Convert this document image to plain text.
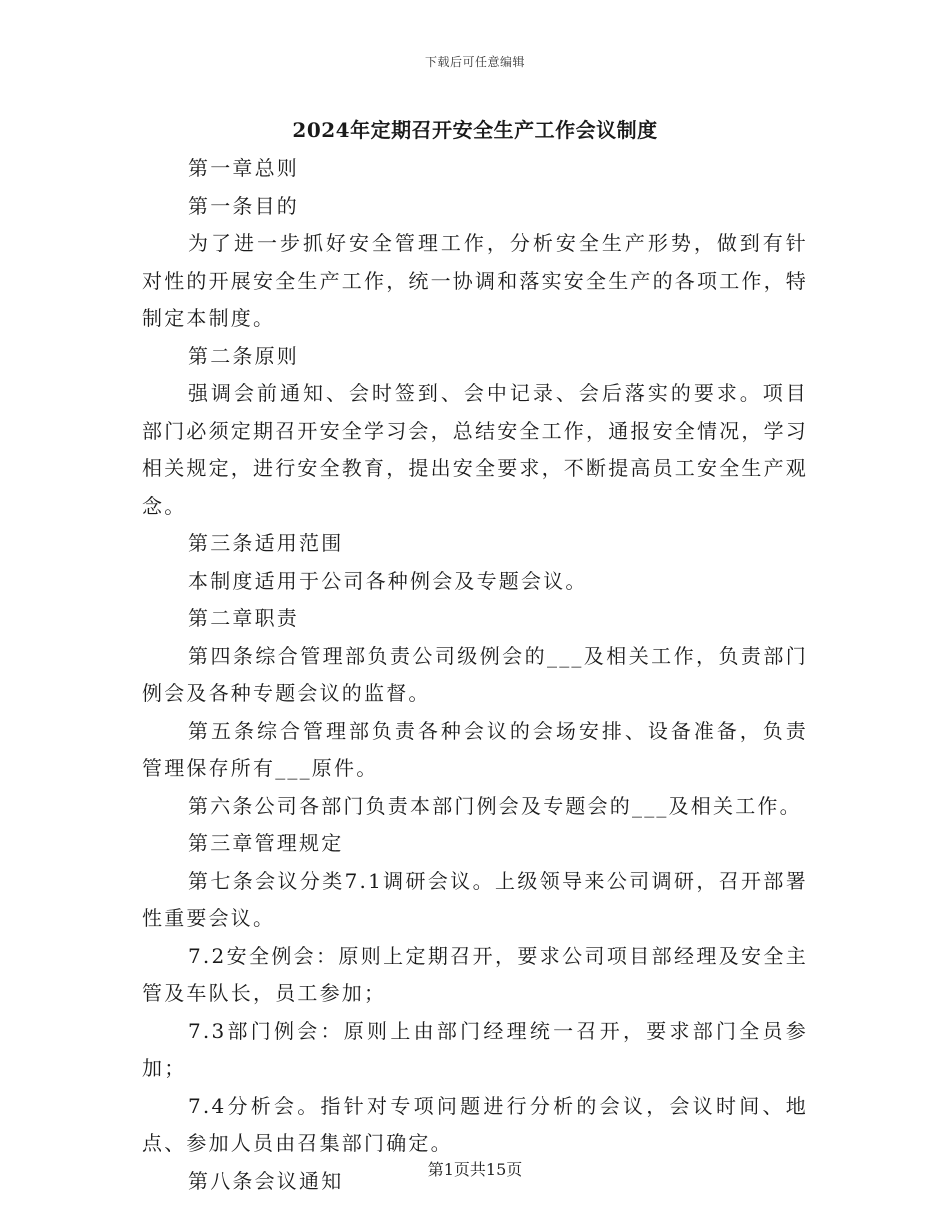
下载后可任意编辑
2024年定期召开安全生产工作会议制度

第一章总则

第一条目的

为了进一步抓好安全管理工作，分析安全生产形势，做到有针对性的开展安全生产工作，统一协调和落实安全生产的各项工作，特制定本制度。

第二条原则

强调会前通知、会时签到、会中记录、会后落实的要求。项目部门必须定期召开安全学习会，总结安全工作，通报安全情况，学习相关规定，进行安全教育，提出安全要求，不断提高员工安全生产观念。

第三条适用范围

本制度适用于公司各种例会及专题会议。

第二章职责

第四条综合管理部负责公司级例会的___及相关工作，负责部门例会及各种专题会议的监督。

第五条综合管理部负责各种会议的会场安排、设备准备，负责管理保存所有___原件。

第六条公司各部门负责本部门例会及专题会的___及相关工作。

第三章管理规定

第七条会议分类7.1调研会议。上级领导来公司调研，召开部署性重要会议。

7.2安全例会：原则上定期召开，要求公司项目部经理及安全主管及车队长，员工参加；

7.3部门例会：原则上由部门经理统一召开，要求部门全员参加；

7.4分析会。指针对专项问题进行分析的会议，会议时间、地点、参加人员由召集部门确定。

第八条会议通知	第1页共15页
